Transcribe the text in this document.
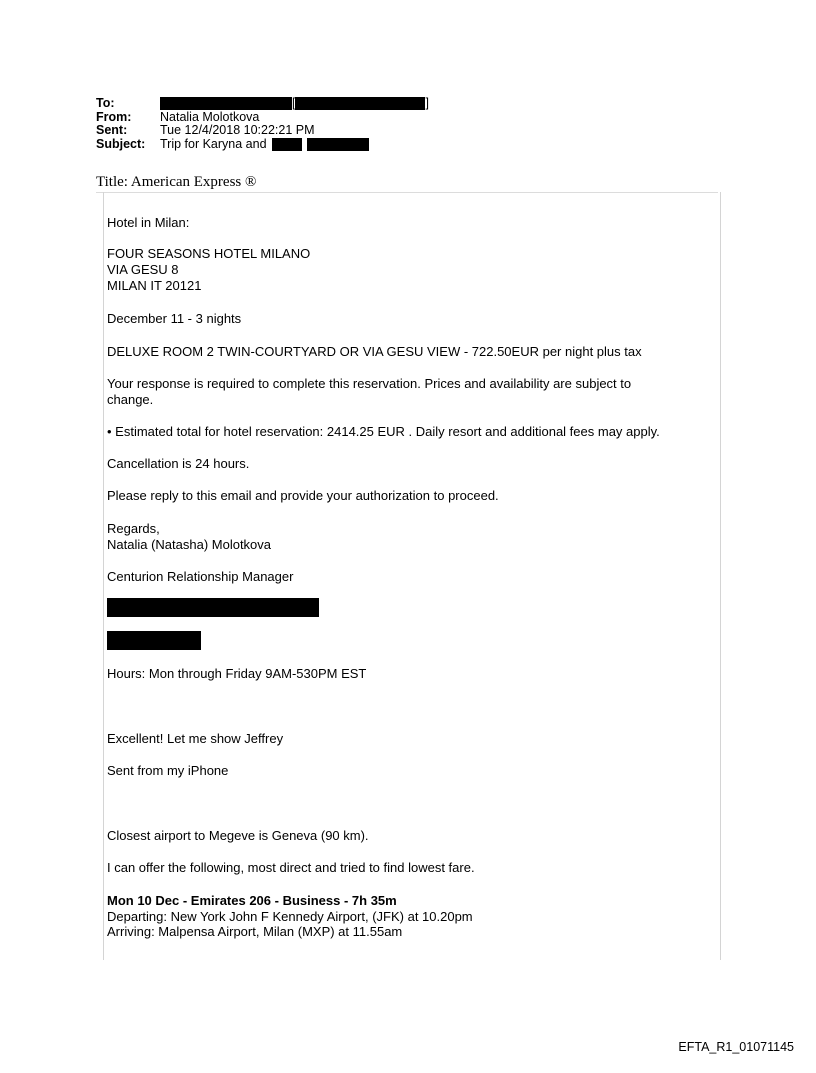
To:	[	]
From:	Natalia Molotkova
Sent:	Tue 12/4/2018 10:22:21 PM
Subject:	Trip for Karyna and
Title: American Express ®
Hotel in Milan:
FOUR SEASONS HOTEL MILANO
VIA GESU 8
MILAN IT 20121
December 11 - 3 nights
DELUXE ROOM 2 TWIN-COURTYARD OR VIA GESU VIEW - 722.50EUR per night plus tax
Your response is required to complete this reservation. Prices and availability are subject to
change.
• Estimated total for hotel reservation: 2414.25 EUR . Daily resort and additional fees may apply.
Cancellation is 24 hours.
Please reply to this email and provide your authorization to proceed.
Regards,
Natalia (Natasha) Molotkova
Centurion Relationship Manager
Hours: Mon through Friday 9AM-530PM EST
Excellent! Let me show Jeffrey
Sent from my iPhone
Closest airport to Megeve is Geneva (90 km).
I can offer the following, most direct and tried to find lowest fare.
Mon 10 Dec - Emirates 206 - Business - 7h 35m
Departing: New York John F Kennedy Airport, (JFK) at 10.20pm
Arriving: Malpensa Airport, Milan (MXP) at 11.55am
EFTA_R1_01071145
